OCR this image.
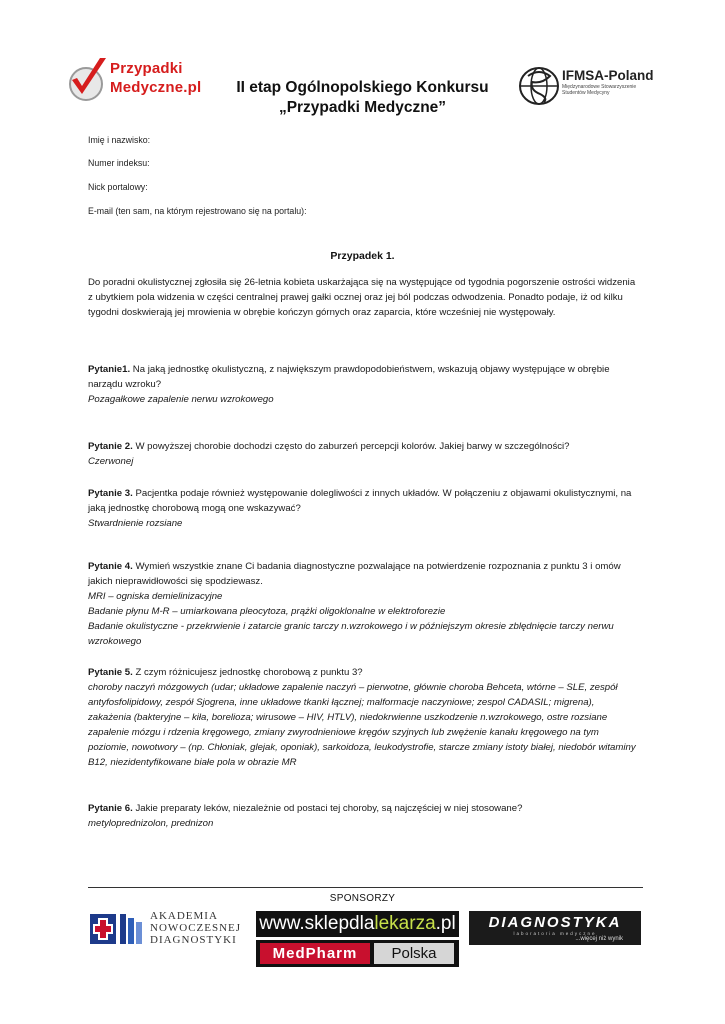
Przypadki
Medyczne.pl	II etap Ogólnopolskiego Konkursu
„Przypadki Medyczne”
IFMSA-Poland
Międzynarodowe Stowarzyszenie
Studentów Medycyny
Imię i nazwisko:
Numer indeksu:
Nick portalowy:
E-mail (ten sam, na którym rejestrowano się na portalu):
Przypadek 1.
Do poradni okulistycznej zgłosiła się 26-letnia kobieta uskarżająca się na występujące od tygodnia pogorszenie ostrości widzenia z ubytkiem pola widzenia w części centralnej prawej gałki ocznej oraz jej ból podczas odwodzenia. Ponadto podaje, iż od kilku tygodni doskwierają jej mrowienia w obrębie kończyn górnych oraz zaparcia, które wcześniej nie występowały.
Pytanie1. Na jaką jednostkę okulistyczną, z największym prawdopodobieństwem, wskazują objawy występujące w obrębie narządu wzroku?
Pozagałkowe zapalenie nerwu wzrokowego
Pytanie 2. W powyższej chorobie dochodzi często do zaburzeń percepcji kolorów. Jakiej barwy w szczególności?
Czerwonej
Pytanie 3. Pacjentka podaje również występowanie dolegliwości z innych układów. W połączeniu z objawami okulistycznymi, na jaką jednostkę chorobową mogą one wskazywać?
Stwardnienie rozsiane
Pytanie 4. Wymień wszystkie znane Ci badania diagnostyczne pozwalające na potwierdzenie rozpoznania z punktu 3 i omów jakich nieprawidłowości się spodziewasz.
MRI – ogniska demielinizacyjne
Badanie płynu M-R – umiarkowana pleocytoza, prążki oligoklonalne w elektroforezie
Badanie okulistyczne - przekrwienie i zatarcie granic tarczy n.wzrokowego i w późniejszym okresie zblędnięcie tarczy nerwu wzrokowego
Pytanie 5. Z czym różnicujesz jednostkę chorobową z punktu 3?
choroby naczyń mózgowych (udar; układowe zapalenie naczyń – pierwotne, głównie choroba Behceta, wtórne – SLE, zespół antyfosfolipidowy, zespół Sjogrena, inne układowe tkanki łącznej; malformacje naczyniowe; zespol CADASIL; migrena), zakażenia (bakteryjne – kiła, borelioza; wirusowe – HIV, HTLV), niedokrwienne uszkodzenie n.wzrokowego, ostre rozsiane zapalenie mózgu i rdzenia kręgowego, zmiany zwyrodnieniowe kręgów szyjnych lub zwężenie kanału kręgowego na tym poziomie, nowotwory – (np. Chłoniak, glejak, oponiak), sarkoidoza, leukodystrofie, starcze zmiany istoty białej, niedobór witaminy B12, niezidentyfikowane białe pola w obrazie MR
Pytanie 6. Jakie preparaty leków, niezależnie od postaci tej choroby, są najczęściej w niej stosowane?
metyloprednizolon, prednizon
SPONSORZY
AKADEMIA
NOWOCZESNEJ
DIAGNOSTYKI
www.sklepdlalekarza.pl
MedPharm	Polska
DIAGNOSTYKA
laboratoria medyczne
...więcej niż wynik
